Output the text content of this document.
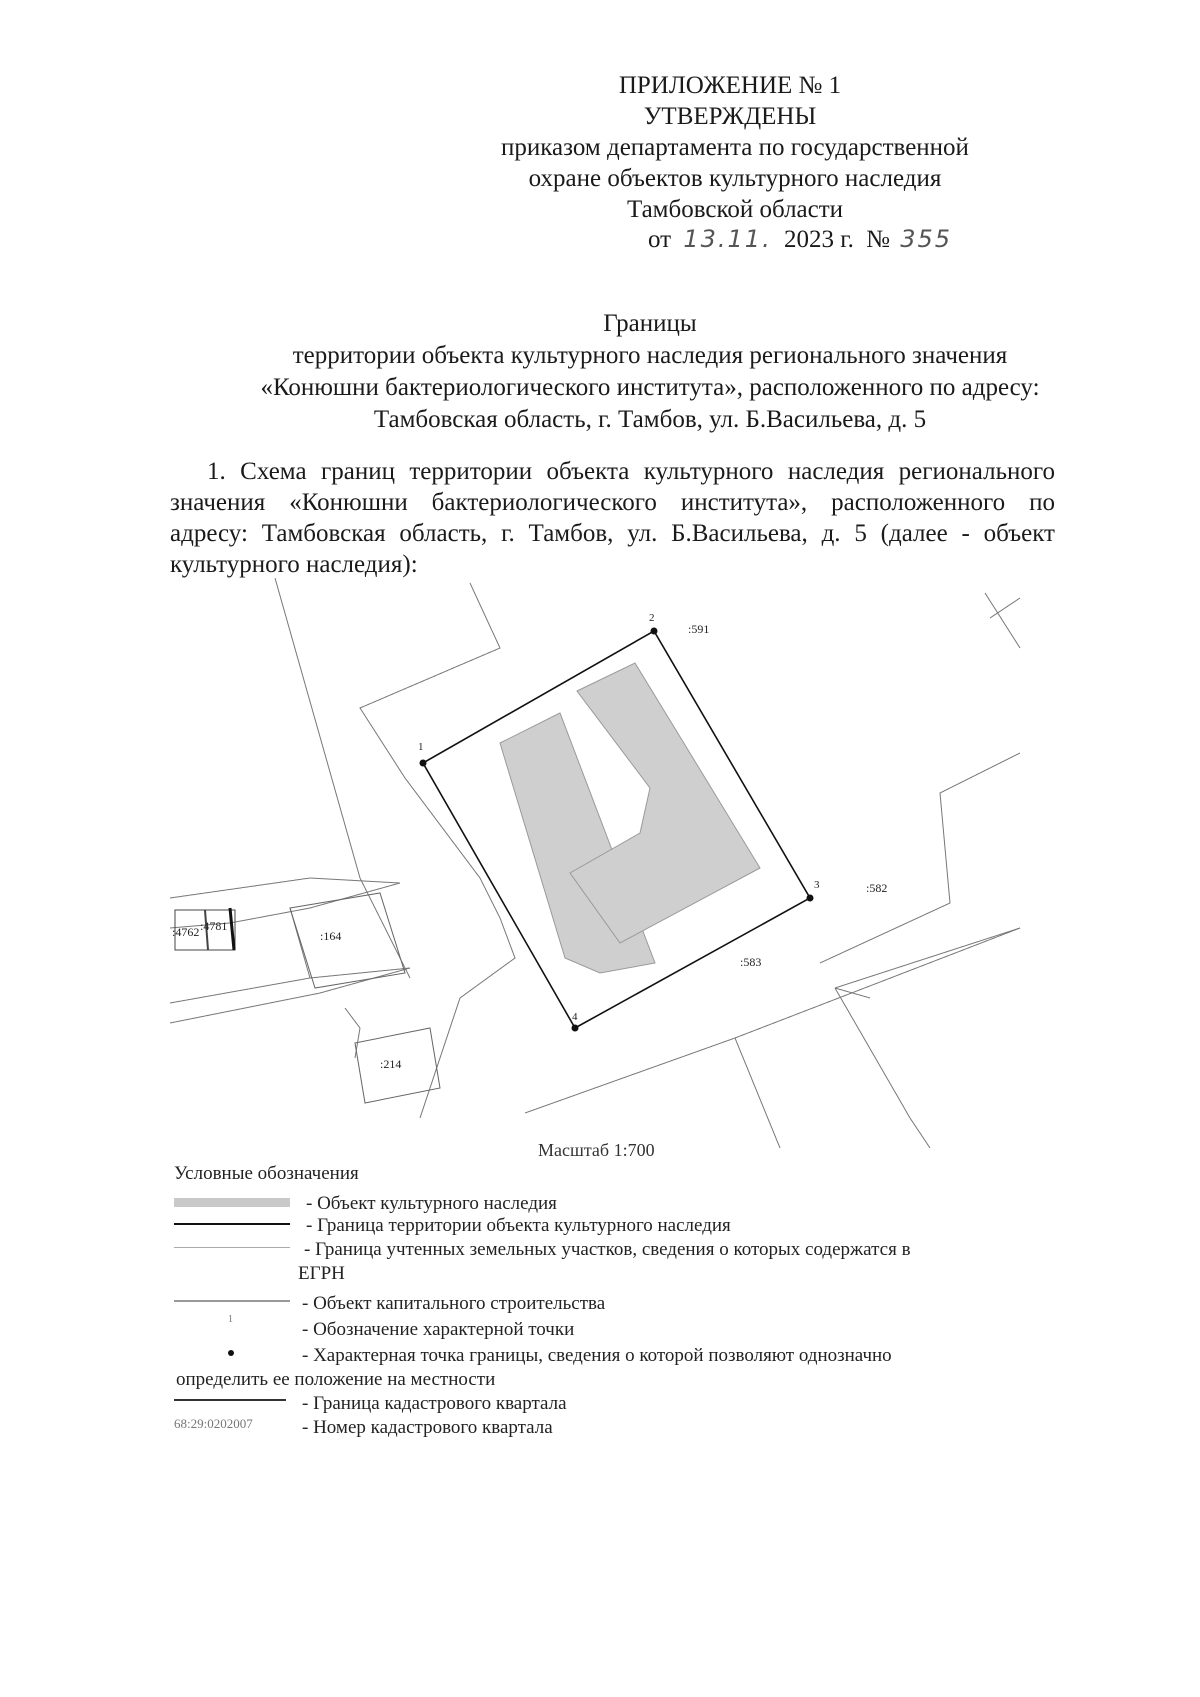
ПРИЛОЖЕНИЕ № 1
УТВЕРЖДЕНЫ
приказом департамента по государственной
охране объектов культурного наследия
Тамбовской области
от 13.11. 2023 г. № 355
Границы
территории объекта культурного наследия регионального значения
«Конюшни бактериологического института», расположенного по адресу:
Тамбовская область, г. Тамбов, ул. Б.Васильева, д. 5
1. Схема границ территории объекта культурного наследия регионального
значения «Конюшни бактериологического института», расположенного по
адресу: Тамбовская область, г. Тамбов, ул. Б.Васильева, д. 5 (далее - объект
культурного наследия):
1
2
3
4
:591
:582
:583
:164
:214
:4762 :4781
Масштаб 1:700
Условные обозначения
- Объект культурного наследия
- Граница территории объекта культурного наследия
- Граница учтенных земельных участков, сведения о которых содержатся в
ЕГРН
- Объект капитального строительства
1	- Обозначение характерной точки
- Характерная точка границы, сведения о которой позволяют однозначно
определить ее положение на местности
- Граница кадастрового квартала
68:29:0202007	- Номер кадастрового квартала
